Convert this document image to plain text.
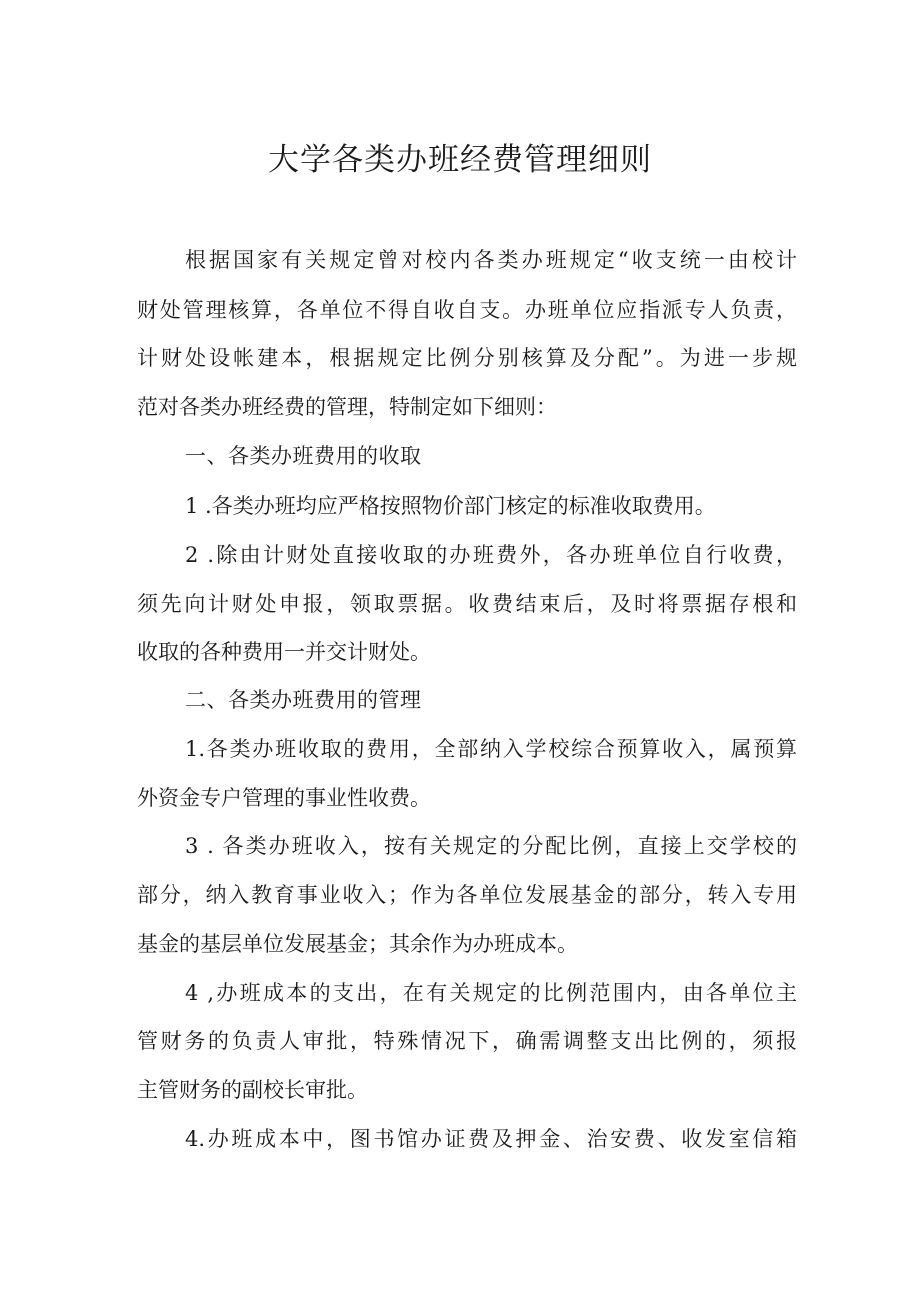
大学各类办班经费管理细则

根据国家有关规定曾对校内各类办班规定“收支统一由校计

财处管理核算，各单位不得自收自支。办班单位应指派专人负责，

计财处设帐建本，根据规定比例分别核算及分配”。为进一步规

范对各类办班经费的管理，特制定如下细则：

一、各类办班费用的收取

1 .各类办班均应严格按照物价部门核定的标准收取费用。

2 .除由计财处直接收取的办班费外，各办班单位自行收费，

须先向计财处申报，领取票据。收费结束后，及时将票据存根和

收取的各种费用一并交计财处。

二、各类办班费用的管理

1.各类办班收取的费用，全部纳入学校综合预算收入，属预算

外资金专户管理的事业性收费。

3 . 各类办班收入，按有关规定的分配比例，直接上交学校的

部分，纳入教育事业收入；作为各单位发展基金的部分，转入专用

基金的基层单位发展基金；其余作为办班成本。

4 ,办班成本的支出，在有关规定的比例范围内，由各单位主

管财务的负责人审批，特殊情况下，确需调整支出比例的，须报

主管财务的副校长审批。

4.办班成本中，图书馆办证费及押金、治安费、收发室信箱
